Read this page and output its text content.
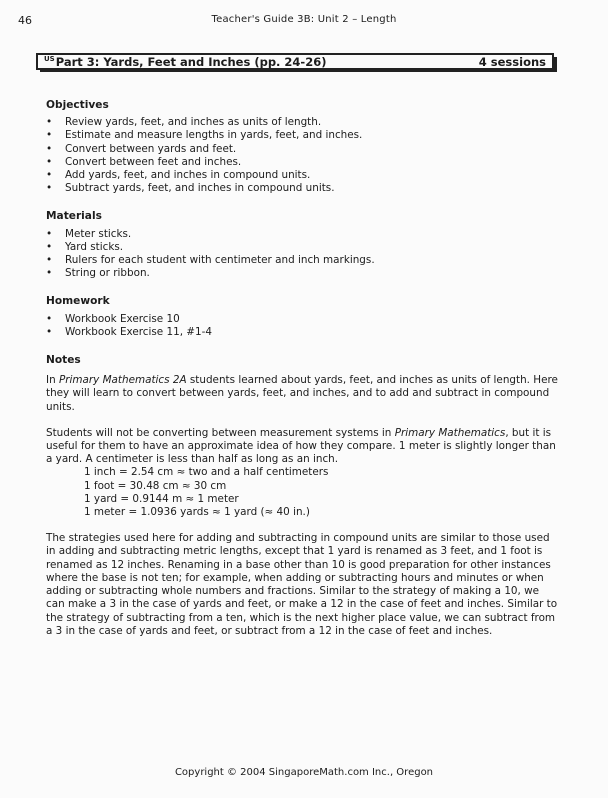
46	Teacher's Guide 3B: Unit 2 – Length
$^{US}$Part 3: Yards, Feet and Inches (pp. 24-26)	4 sessions
Objectives
• Review yards, feet, and inches as units of length.
• Estimate and measure lengths in yards, feet, and inches.
• Convert between yards and feet.
• Convert between feet and inches.
• Add yards, feet, and inches in compound units.
• Subtract yards, feet, and inches in compound units.
Materials
• Meter sticks.
• Yard sticks.
• Rulers for each student with centimeter and inch markings.
• String or ribbon.
Homework
• Workbook Exercise 10
• Workbook Exercise 11, #1-4
Notes

In Primary Mathematics 2A students learned about yards, feet, and inches as units of length. Here they will learn to convert between yards, feet, and inches, and to add and subtract in compound units.

Students will not be converting between measurement systems in Primary Mathematics, but it is useful for them to have an approximate idea of how they compare. 1 meter is slightly longer than a yard. A centimeter is less than half as long as an inch.

1 inch = 2.54 cm ≈ two and a half centimeters
1 foot = 30.48 cm ≈ 30 cm
1 yard = 0.9144 m ≈ 1 meter
1 meter = 1.0936 yards ≈ 1 yard (≈ 40 in.)

The strategies used here for adding and subtracting in compound units are similar to those used in adding and subtracting metric lengths, except that 1 yard is renamed as 3 feet, and 1 foot is renamed as 12 inches. Renaming in a base other than 10 is good preparation for other instances where the base is not ten; for example, when adding or subtracting hours and minutes or when adding or subtracting whole numbers and fractions. Similar to the strategy of making a 10, we can make a 3 in the case of yards and feet, or make a 12 in the case of feet and inches. Similar to the strategy of subtracting from a ten, which is the next higher place value, we can subtract from a 3 in the case of yards and feet, or subtract from a 12 in the case of feet and inches.

Copyright © 2004 SingaporeMath.com Inc., Oregon
